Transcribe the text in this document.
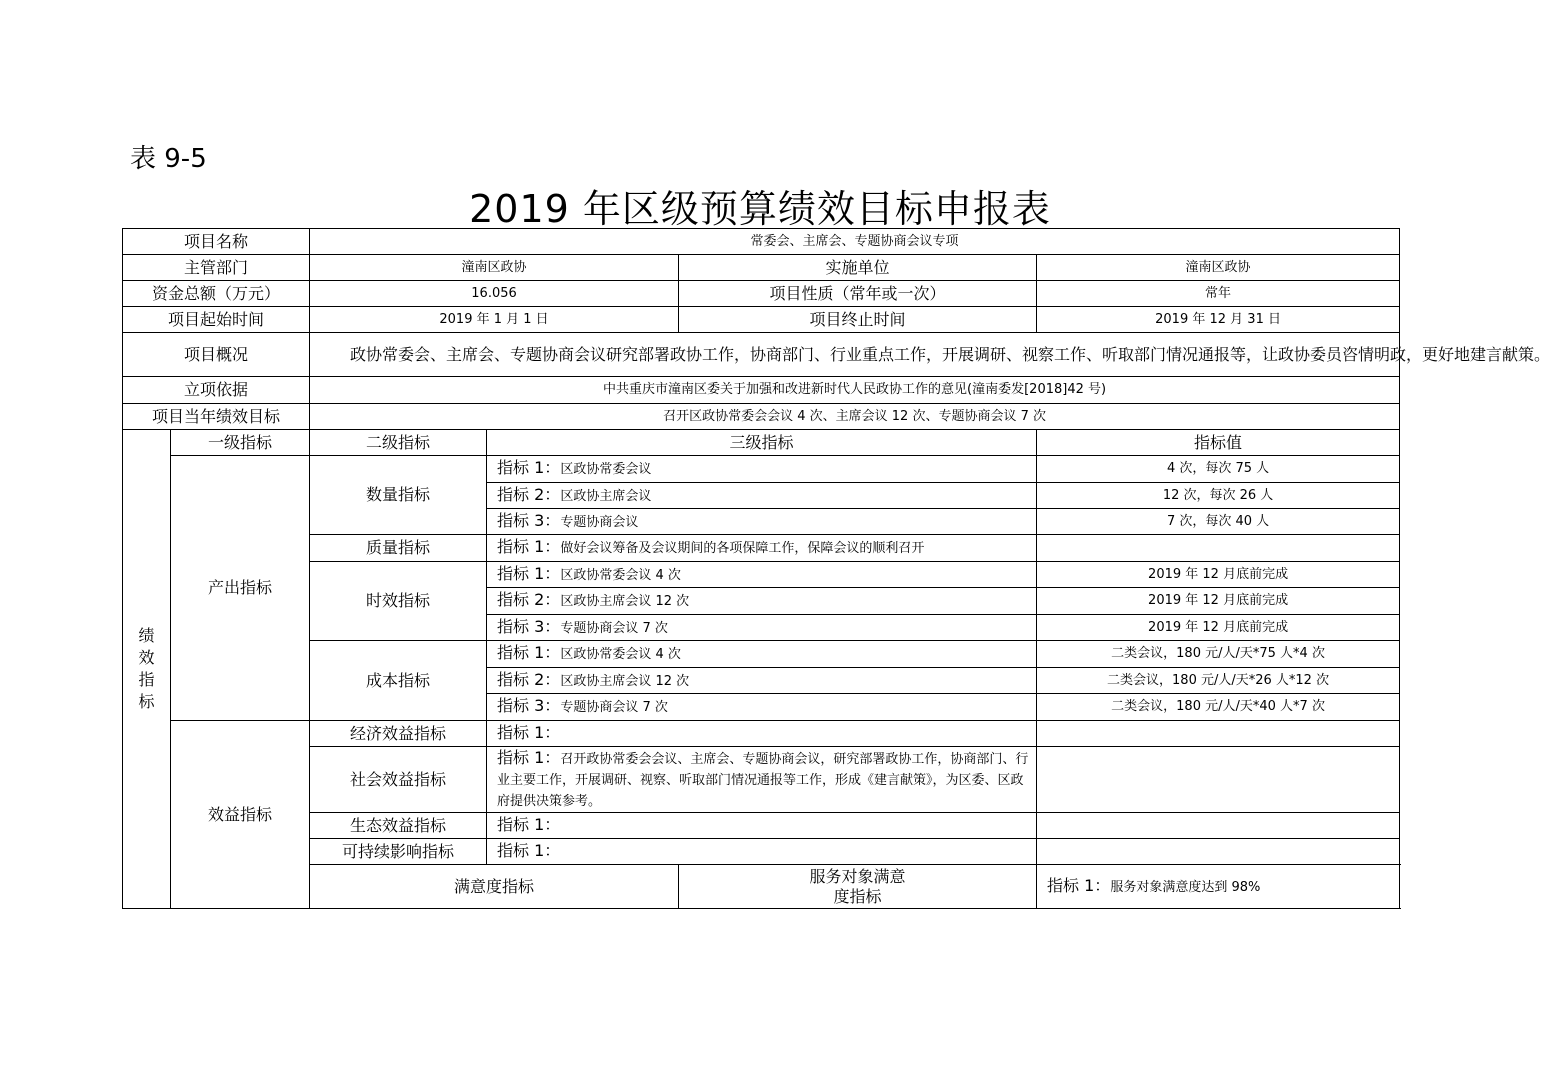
表 9-5
2019 年区级预算绩效目标申报表
项目名称		常委会、主席会、专题协商会议专项				
主管部门		潼南区政协		实施单位	潼南区政协	
资金总额（万元）		16.056		项目性质（常年或一次）	常年	
项目起始时间		2019 年 1 月 1 日		项目终止时间	2019 年 12 月 31 日	
项目概况		政协常委会、主席会、专题协商会议研究部署政协工作，协商部门、行业重点工作，开展调研、视察工作、听取部门情况通报等，让政协委员咨情明政，更好地建言献策。				
立项依据		中共重庆市潼南区委关于加强和改进新时代人民政协工作的意见(潼南委发[2018]42 号)				
项目当年绩效目标		召开区政协常委会会议 4 次、主席会议 12 次、专题协商会议 7 次				

绩效指标	一级指标	二级指标	三级指标		指标值	
	产出指标	数量指标	指标 1：区政协常委会议		4 次，每次 75 人	
			指标 2：区政协主席会议		12 次，每次 26 人	
			指标 3：专题协商会议		7 次，每次 40 人	
		质量指标	指标 1：做好会议筹备及会议期间的各项保障工作，保障会议的顺利召开			
		时效指标	指标 1：区政协常委会议 4 次		2019 年 12 月底前完成	
			指标 2：区政协主席会议 12 次		2019 年 12 月底前完成	
			指标 3：专题协商会议 7 次		2019 年 12 月底前完成	
		成本指标	指标 1：区政协常委会议 4 次		二类会议，180 元/人/天*75 人*4 次	
			指标 2：区政协主席会议 12 次		二类会议，180 元/人/天*26 人*12 次	
			指标 3：专题协商会议 7 次		二类会议，180 元/人/天*40 人*7 次	
	效益指标	经济效益指标	指标 1：			
		社会效益指标	指标 1：召开政协常委会会议、主席会、专题协商会议，研究部署政协工作，协商部门、行业主要工作，开展调研、视察、听取部门情况通报等工作，形成《建言献策》，为区委、区政府提供决策参考。			
		生态效益指标	指标 1：			
		可持续影响指标	指标 1：			
		满意度指标		服务对象满意度指标	指标 1：服务对象满意度达到 98%	
